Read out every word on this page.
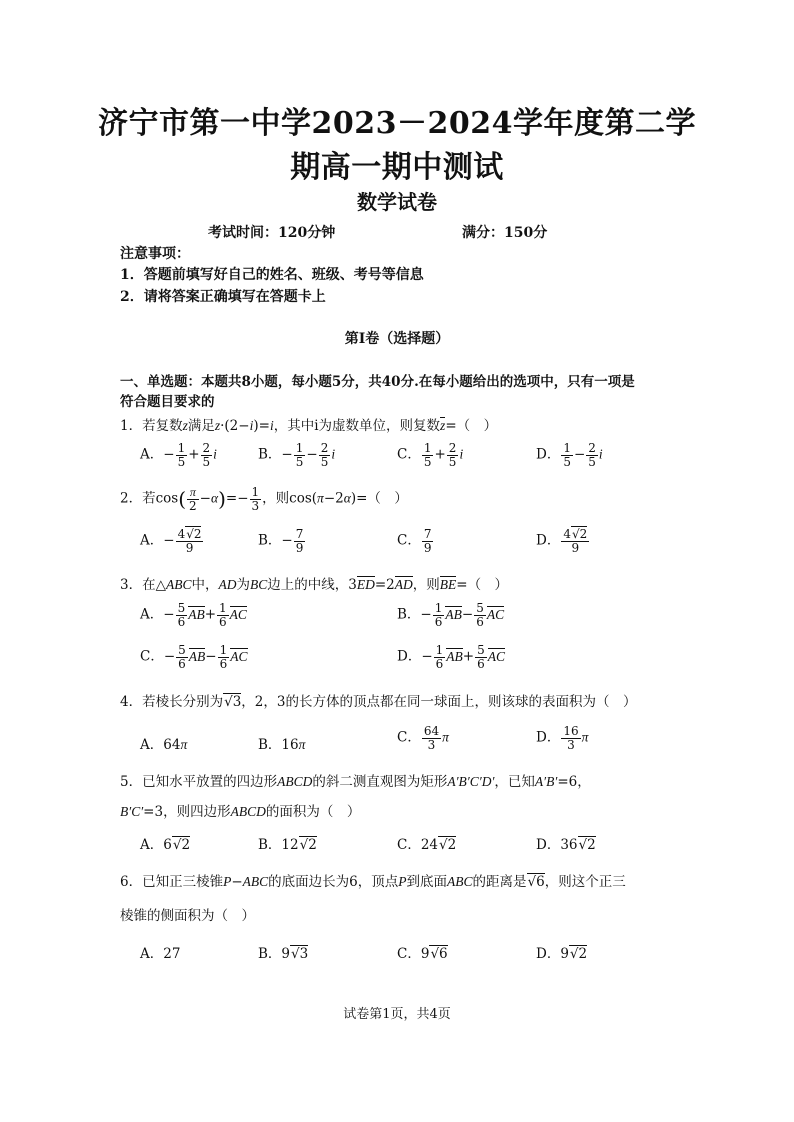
济宁市第一中学2023－2024学年度第二学
期高一期中测试
数学试卷
考试时间：120分钟	满分：150分
注意事项：
1．答题前填写好自己的姓名、班级、考号等信息
2．请将答案正确填写在答题卡上
第I卷（选择题）
一、单选题：本题共8小题，每小题5分，共40分.在每小题给出的选项中，只有一项是
符合题目要求的
1．若复数z满足z·(2−i)=i，其中i为虚数单位，则复数z=（　）
A．− $\frac{1}{5} + \frac{2}{5}$ i	B．− $\frac{1}{5} - \frac{2}{5}$ i	C． $\frac{1}{5} + \frac{2}{5}$ i	D． $\frac{1}{5} - \frac{2}{5}$ i
2．若$\cos( \frac{\pi}{2} -\alpha)=- \frac{1}{3}$ ，则cos(π−2α)=（　）
A．− $\frac{4√2}{9}$	B．− $\frac{7}{9}$	C． $\frac{7}{9}$	D． $\frac{4√2}{9}$
3．在△ABC中，AD为BC边上的中线，3ED=2AD，则BE=（　）
A．− $\frac{5}{6} AB+ \frac{1}{6}$ AC	B．− $\frac{1}{6} AB- \frac{5}{6}$ AC
C．− $\frac{5}{6} AB- \frac{1}{6}$ AC	D．− $\frac{1}{6} AB+ \frac{5}{6}$ AC
4．若棱长分别为√3，2，3的长方体的顶点都在同一球面上，则该球的表面积为（　）
A．64π	B．16π	C． $\frac{64}{3}$ π	D． $\frac{16}{3}$ π
5．已知水平放置的四边形ABCD的斜二测直观图为矩形A′B′C′D′，已知A′B′=6，
B′C′=3，则四边形ABCD的面积为（　）
A．6√2	B．12√2	C．24√2	D．36√2
6．已知正三棱锥P−ABC的底面边长为6，顶点P到底面ABC的距离是√6，则这个正三
棱锥的侧面积为（　）
A．27	B．9√3	C．9√6	D．9√2
试卷第1页，共4页
